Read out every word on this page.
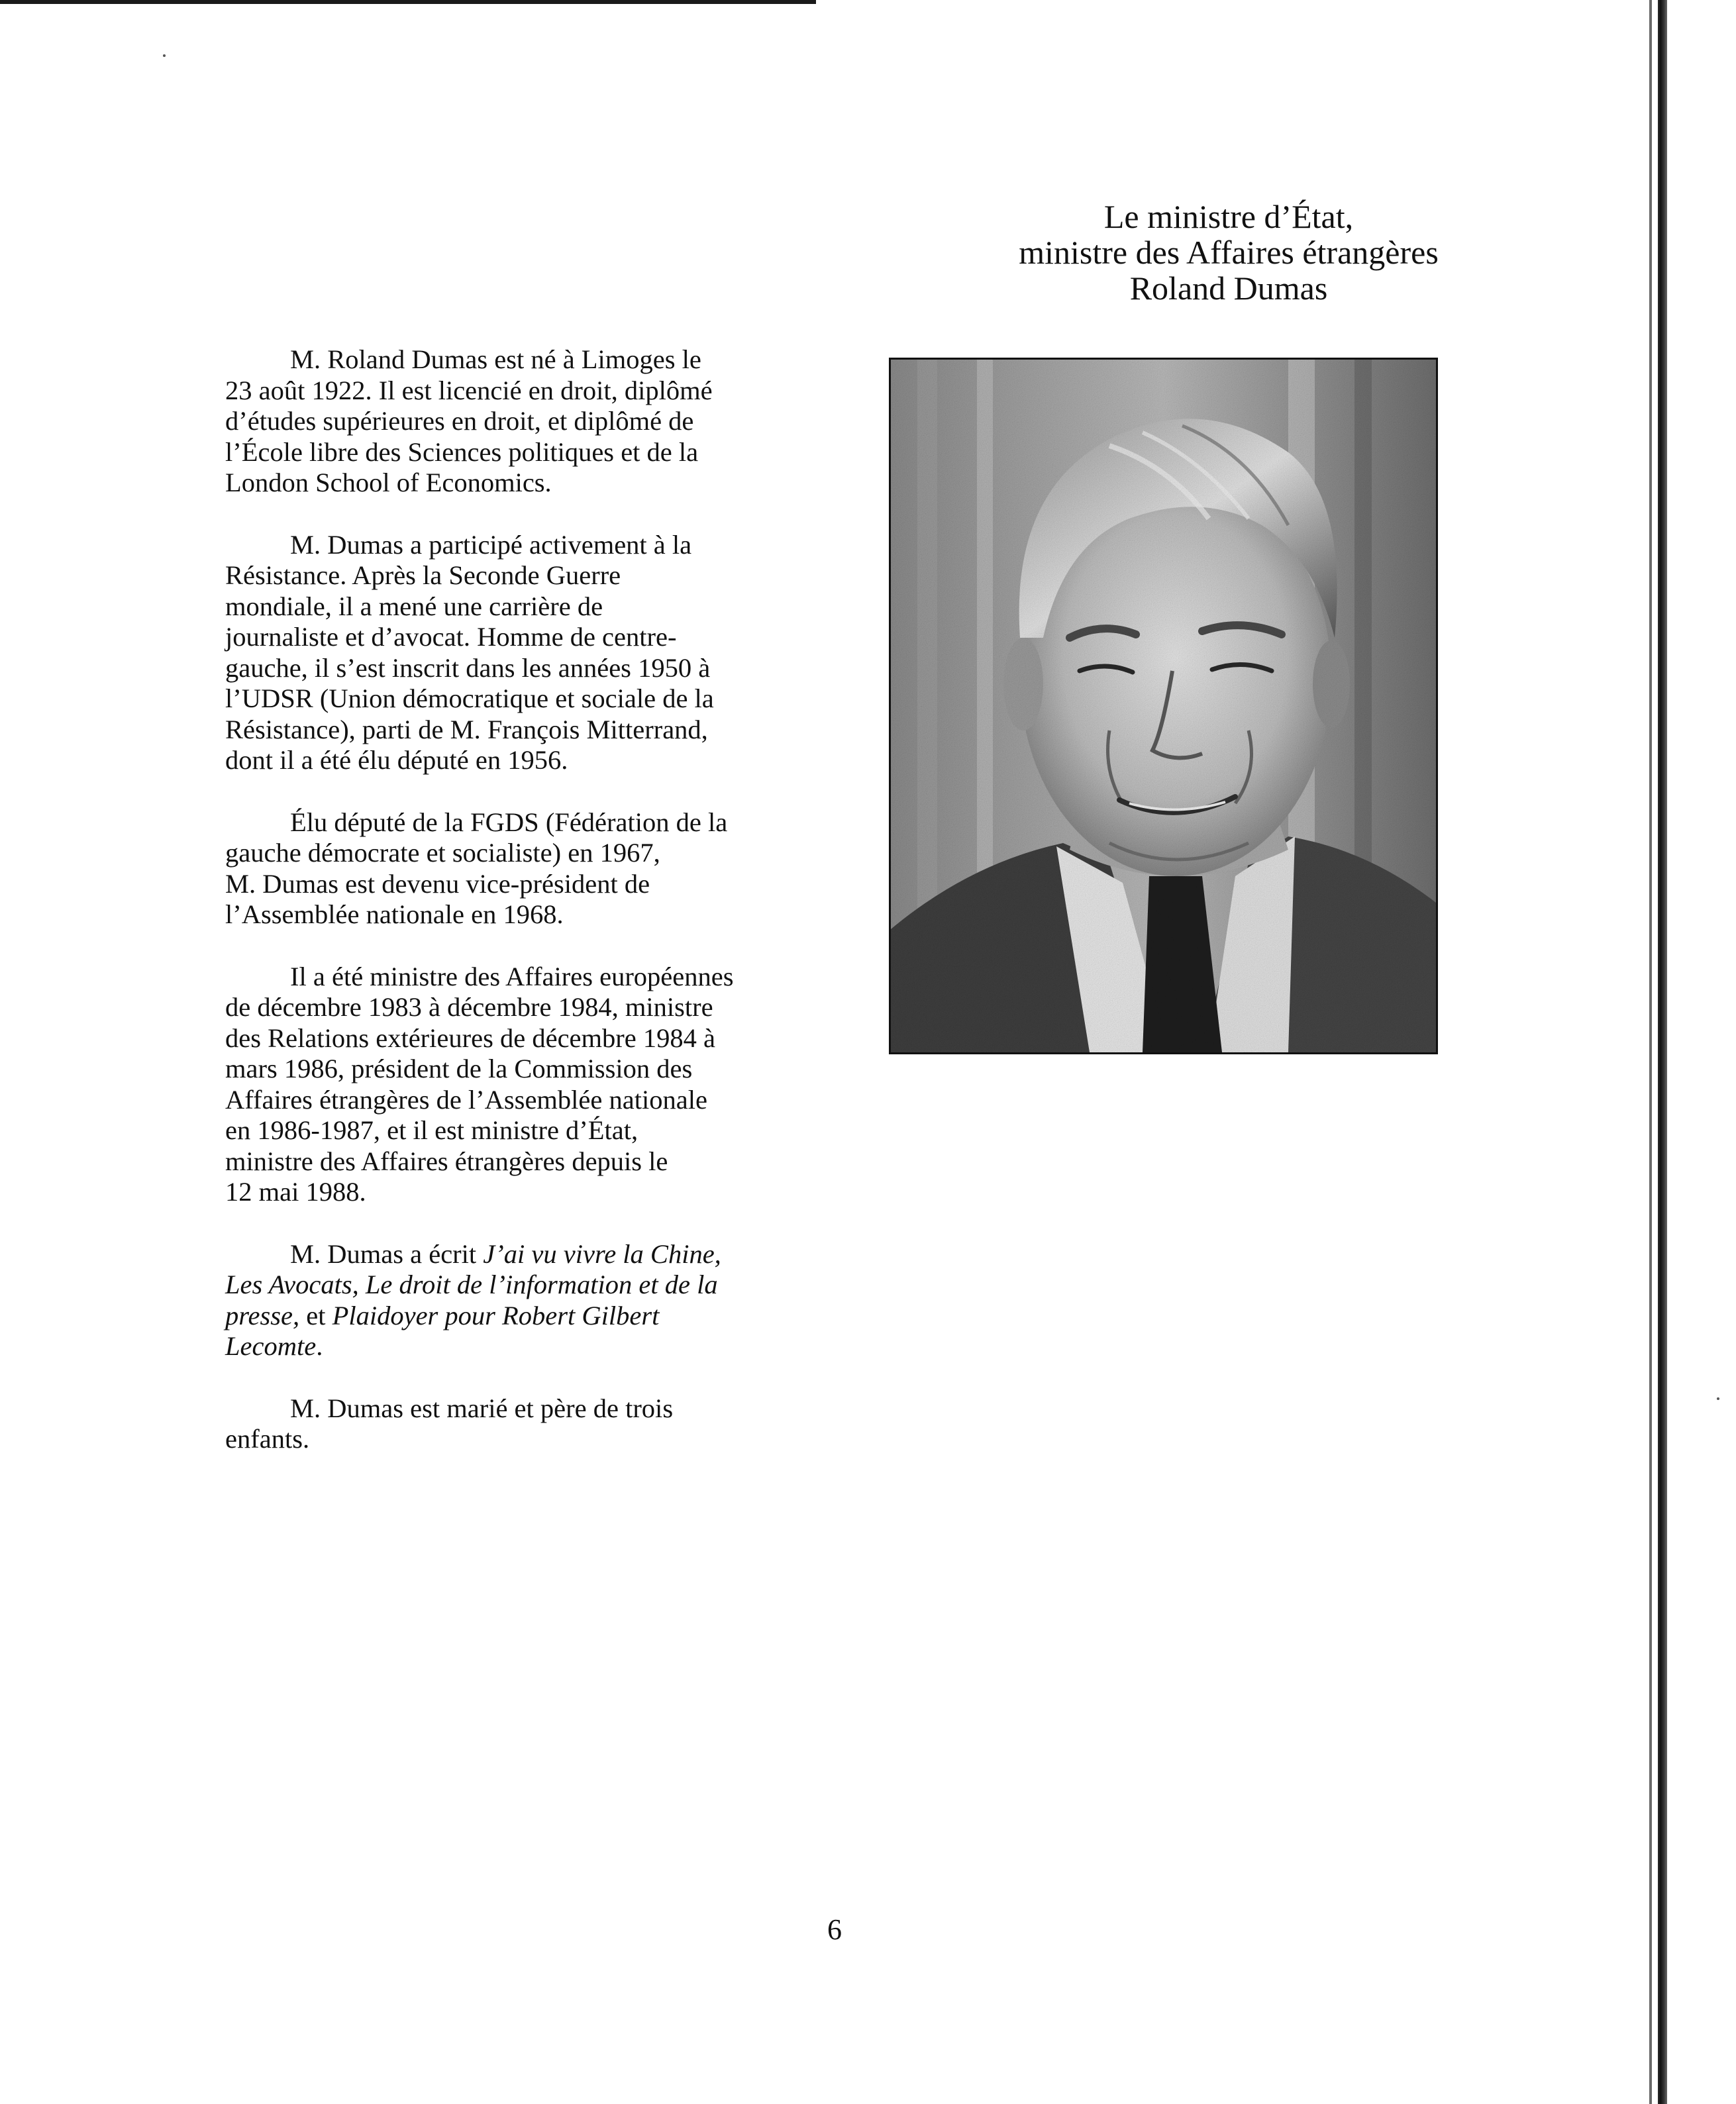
Le ministre d’État,
ministre des Affaires étrangères
Roland Dumas

M. Roland Dumas est né à Limoges le
23 août 1922. Il est licencié en droit, diplômé
d’études supérieures en droit, et diplômé de
l’École libre des Sciences politiques et de la
London School of Economics.

M. Dumas a participé activement à la
Résistance. Après la Seconde Guerre
mondiale, il a mené une carrière de
journaliste et d’avocat. Homme de centre-
gauche, il s’est inscrit dans les années 1950 à
l’UDSR (Union démocratique et sociale de la
Résistance), parti de M. François Mitterrand,
dont il a été élu député en 1956.

Élu député de la FGDS (Fédération de la
gauche démocrate et socialiste) en 1967,
M. Dumas est devenu vice-président de
l’Assemblée nationale en 1968.

Il a été ministre des Affaires européennes
de décembre 1983 à décembre 1984, ministre
des Relations extérieures de décembre 1984 à
mars 1986, président de la Commission des
Affaires étrangères de l’Assemblée nationale
en 1986-1987, et il est ministre d’État,
ministre des Affaires étrangères depuis le
12 mai 1988.

M. Dumas a écrit J’ai vu vivre la Chine,
Les Avocats, Le droit de l’information et de la
presse, et Plaidoyer pour Robert Gilbert
Lecomte.

M. Dumas est marié et père de trois
enfants.

6
